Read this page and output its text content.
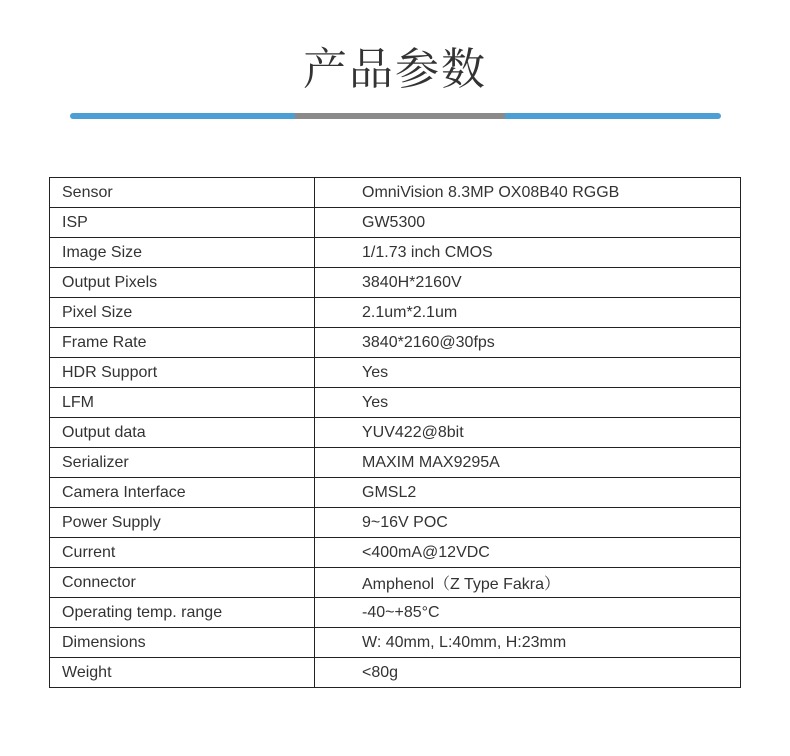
产品参数
Sensor	OmniVision 8.3MP OX08B40 RGGB
ISP	GW5300
Image Size	1/1.73 inch CMOS
Output Pixels	3840H*2160V
Pixel Size	2.1um*2.1um
Frame Rate	3840*2160@30fps
HDR Support	Yes
LFM	Yes
Output data	YUV422@8bit
Serializer	MAXIM MAX9295A
Camera Interface	GMSL2
Power Supply	9~16V POC
Current	<400mA@12VDC
Connector	Amphenol（Z Type Fakra）
Operating temp. range	-40~+85°C
Dimensions	W: 40mm, L:40mm, H:23mm
Weight	<80g
